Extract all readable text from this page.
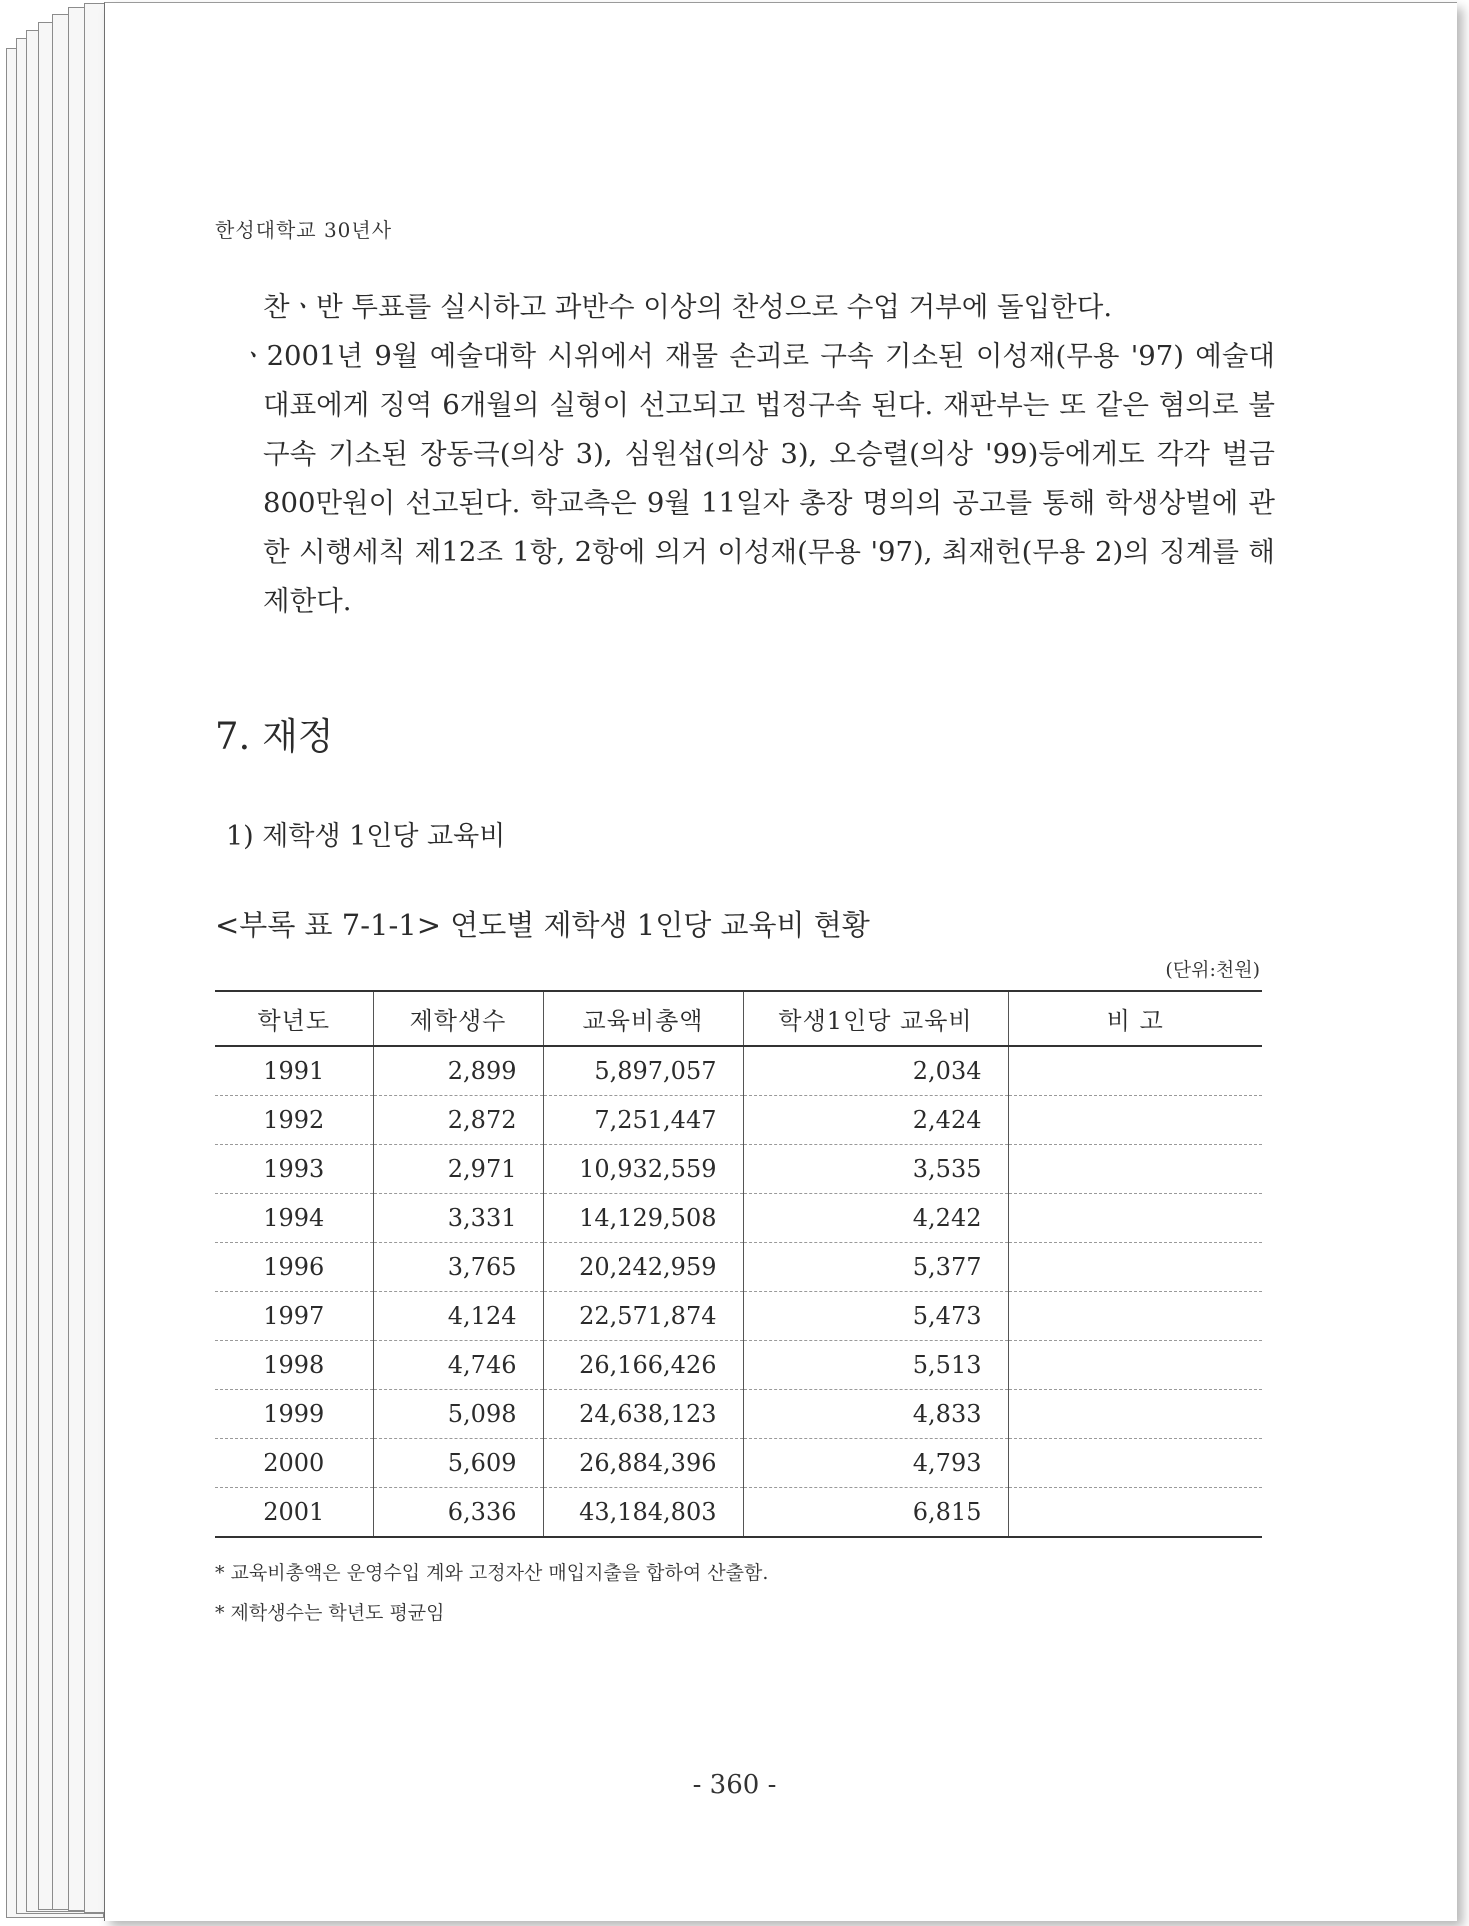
한성대학교 30년사

찬ㆍ반 투표를 실시하고 과반수 이상의 찬성으로 수업 거부에 돌입한다.

ㆍ2001년 9월 예술대학 시위에서 재물 손괴로 구속 기소된 이성재(무용 '97) 예술대 대표에게 징역 6개월의 실형이 선고되고 법정구속 된다. 재판부는 또 같은 혐의로 불구속 기소된 장동극(의상 3), 심원섭(의상 3), 오승렬(의상 '99)등에게도 각각 벌금 800만원이 선고된다. 학교측은 9월 11일자 총장 명의의 공고를 통해 학생상벌에 관한 시행세칙 제12조 1항, 2항에 의거 이성재(무용 '97), 최재헌(무용 2)의 징계를 해제한다.

7. 재정
1) 제학생 1인당 교육비
<부록 표 7-1-1> 연도별 제학생 1인당 교육비 현황
(단위:천원)
학년도	제학생수	교육비총액	학생1인당 교육비	비 고
1991	2,899	5,897,057	2,034	
1992	2,872	7,251,447	2,424	
1993	2,971	10,932,559	3,535	
1994	3,331	14,129,508	4,242	
1996	3,765	20,242,959	5,377	
1997	4,124	22,571,874	5,473	
1998	4,746	26,166,426	5,513	
1999	5,098	24,638,123	4,833	
2000	5,609	26,884,396	4,793	
2001	6,336	43,184,803	6,815	

* 교육비총액은 운영수입 계와 고정자산 매입지출을 합하여 산출함.

* 제학생수는 학년도 평균임

- 360 -
